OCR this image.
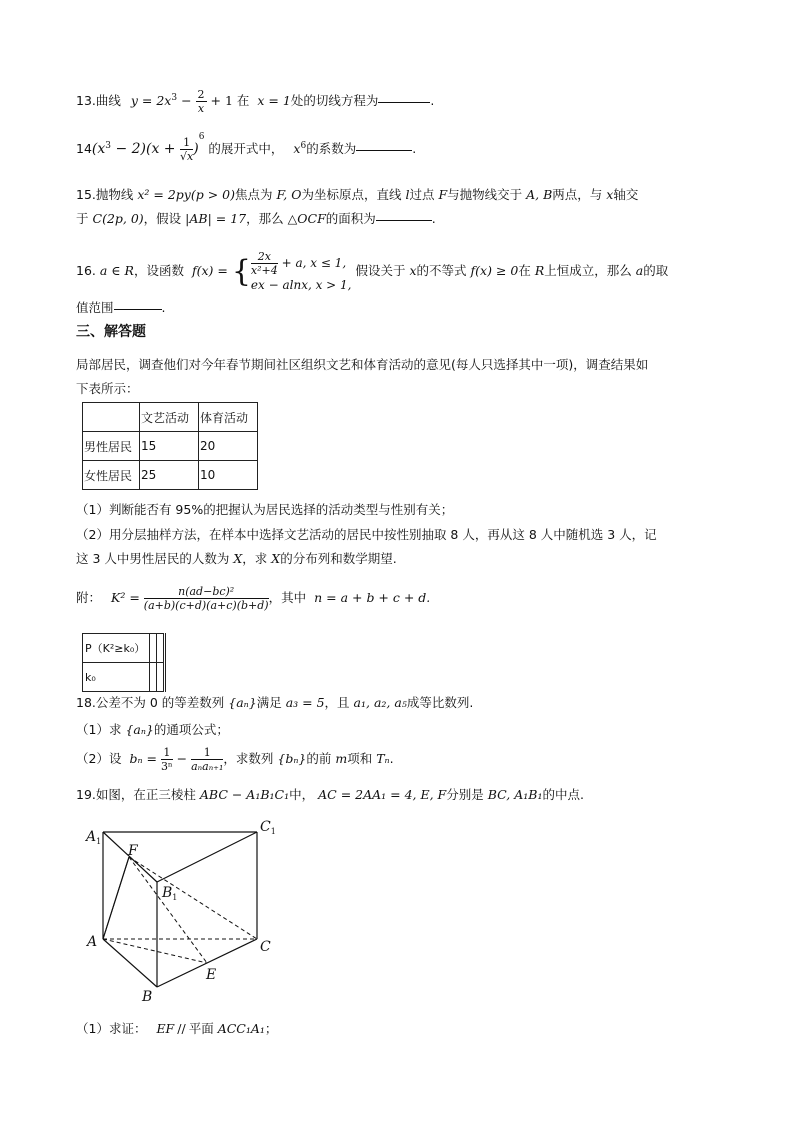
13.曲线 $y = 2x^3 - \frac{2}{x} + 1$ 在 x = 1处的切线方程为	.
$14(x^3 - 2)(x + \frac{1}{√x} )^6$ 的展开式中， $x^6$的系数为	.
15.抛物线 x² = 2py(p > 0)焦点为 F, O为坐标原点，直线 l过点 F与抛物线交于 A, B两点，与 x轴交
于 C(2p, 0)，假设 |AB| = 17，那么 △OCF的面积为	.
16. a ∈ R，设函数 f(x) = { $\frac{2x}{\text{x²+4}} + a$, x ≤ 1,
ex − alnx, x > 1,
假设关于 x的不等式 f(x) ≥ 0在 R上恒成立，那么 a的取
值范围	.
三、解答题
局部居民，调查他们对今年春节期间社区组织文艺和体育活动的意见(每人只选择其中一项)，调查结果如
下表所示：
	文艺活动	体育活动
男性居民	15	20
女性居民	25	10
（1）判断能否有 95%的把握认为居民选择的活动类型与性别有关；
（2）用分层抽样方法，在样本中选择文艺活动的居民中按性别抽取 8 人，再从这 8 人中随机选 3 人，记
这 3 人中男性居民的人数为 X，求 X的分布列和数学期望.
附： $K^2 = \frac{\text{n(ad−bc)²}}{(a+b)(c+d)(a+c)(b+d)}$ ，其中 n = a + b + c + d.
P（K²≥k₀）		
k₀		
18.公差不为 0 的等差数列 {aₙ}满足 a₃ = 5，且 a₁, a₂, a₅成等比数列.
（1）求 {aₙ}的通项公式；
（2）设 $b_n = \frac{1}{\text{3ⁿ}} - \frac{1}{\text{aₙaₙ₊₁}}$ ，求数列 {bₙ}的前 m项和 Tₙ.
19.如图，在正三棱柱 ABC − A₁B₁C₁中， AC = 2AA₁ = 4, E, F分别是 BC, A₁B₁的中点.
$A_1$
$C_1$
F
$B_1$
A	C
E
B
（1）求证： EF // 平面 ACC₁A₁；
